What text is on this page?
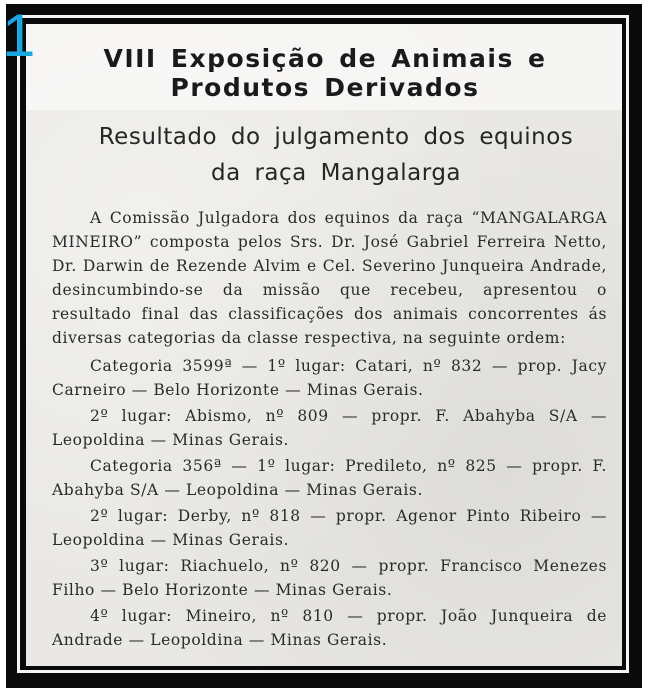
VIII Exposição de Animais e
Produtos Derivados
Resultado do julgamento dos equinos
da raça Mangalarga
1

A Comissão Julgadora dos equinos da raça “MANGALARGA MINEIRO” composta pelos Srs. Dr. José Gabriel Ferreira Netto, Dr. Darwin de Rezende Alvim e Cel. Severino Junqueira Andrade, desincumbindo-se da missão que recebeu, apresentou o resultado final das classificações dos animais concorrentes ás diversas categorias da classe respectiva, na seguinte ordem:

Categoria 3599ª — 1º lugar: Catari, nº 832 — prop. Jacy Carneiro — Belo Horizonte — Minas Gerais.

2º lugar: Abismo, nº 809 — propr. F. Abahyba S/A — Leopoldina — Minas Gerais.

Categoria 356ª — 1º lugar: Predileto, nº 825 — propr. F. Abahyba S/A — Leopoldina — Minas Gerais.

2º lugar: Derby, nº 818 — propr. Agenor Pinto Ribeiro — Leopoldina — Minas Gerais.

3º lugar: Riachuelo, nº 820 — propr. Francisco Menezes Filho — Belo Horizonte — Minas Gerais.

4º lugar: Mineiro, nº 810 — propr. João Junqueira de Andrade — Leopoldina — Minas Gerais.
